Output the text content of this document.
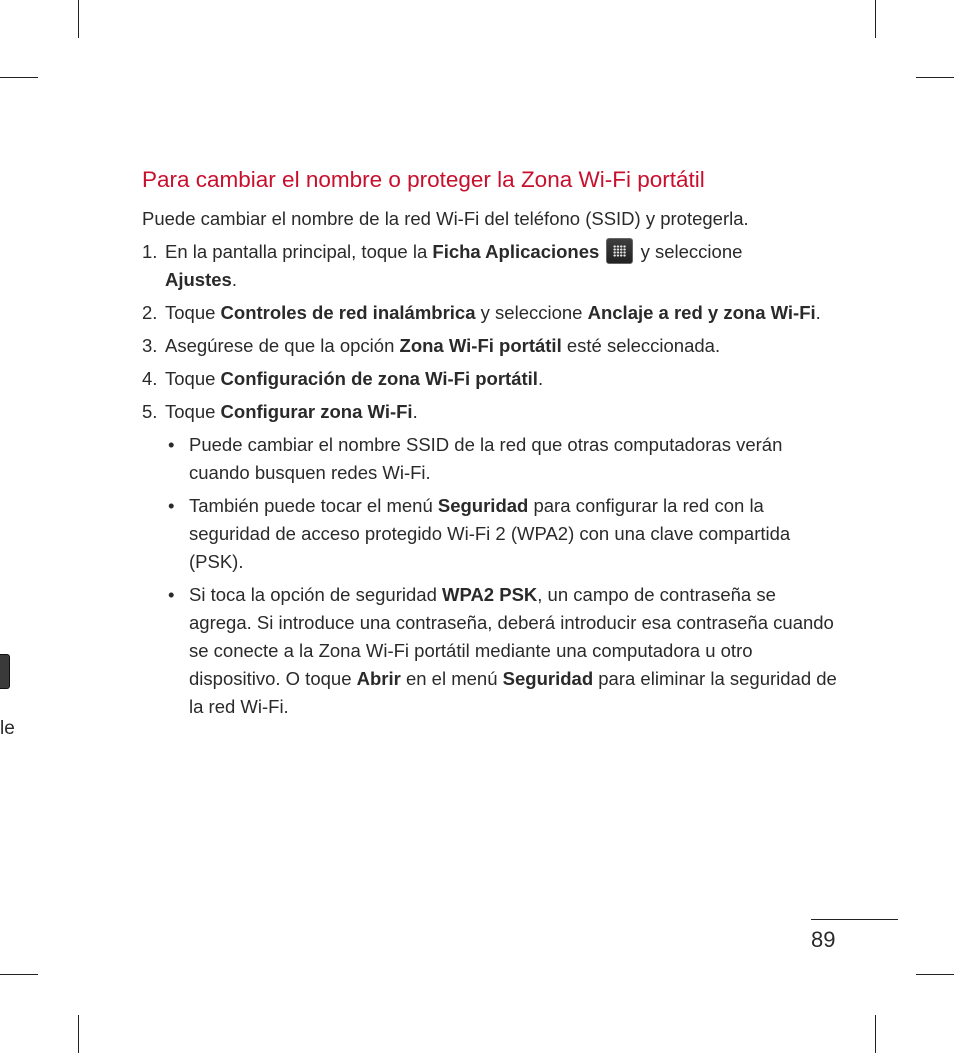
le
Para cambiar el nombre o proteger la Zona Wi-Fi portátil
Puede cambiar el nombre de la red Wi-Fi del teléfono (SSID) y protegerla.
1. En la pantalla principal, toque la Ficha Aplicaciones  y seleccione
Ajustes.
2. Toque Controles de red inalámbrica y seleccione Anclaje a red y zona Wi-Fi.
3. Asegúrese de que la opción Zona Wi-Fi portátil esté seleccionada.
4. Toque Configuración de zona Wi-Fi portátil.
5. Toque Configurar zona Wi-Fi.
• Puede cambiar el nombre SSID de la red que otras computadoras verán cuando busquen redes Wi-Fi.
• También puede tocar el menú Seguridad para configurar la red con la seguridad de acceso protegido Wi-Fi 2 (WPA2) con una clave compartida (PSK).
• Si toca la opción de seguridad WPA2 PSK, un campo de contraseña se agrega. Si introduce una contraseña, deberá introducir esa contraseña cuando se conecte a la Zona Wi-Fi portátil mediante una computadora u otro dispositivo. O toque Abrir en el menú Seguridad para eliminar la seguridad de la red Wi-Fi.
89
